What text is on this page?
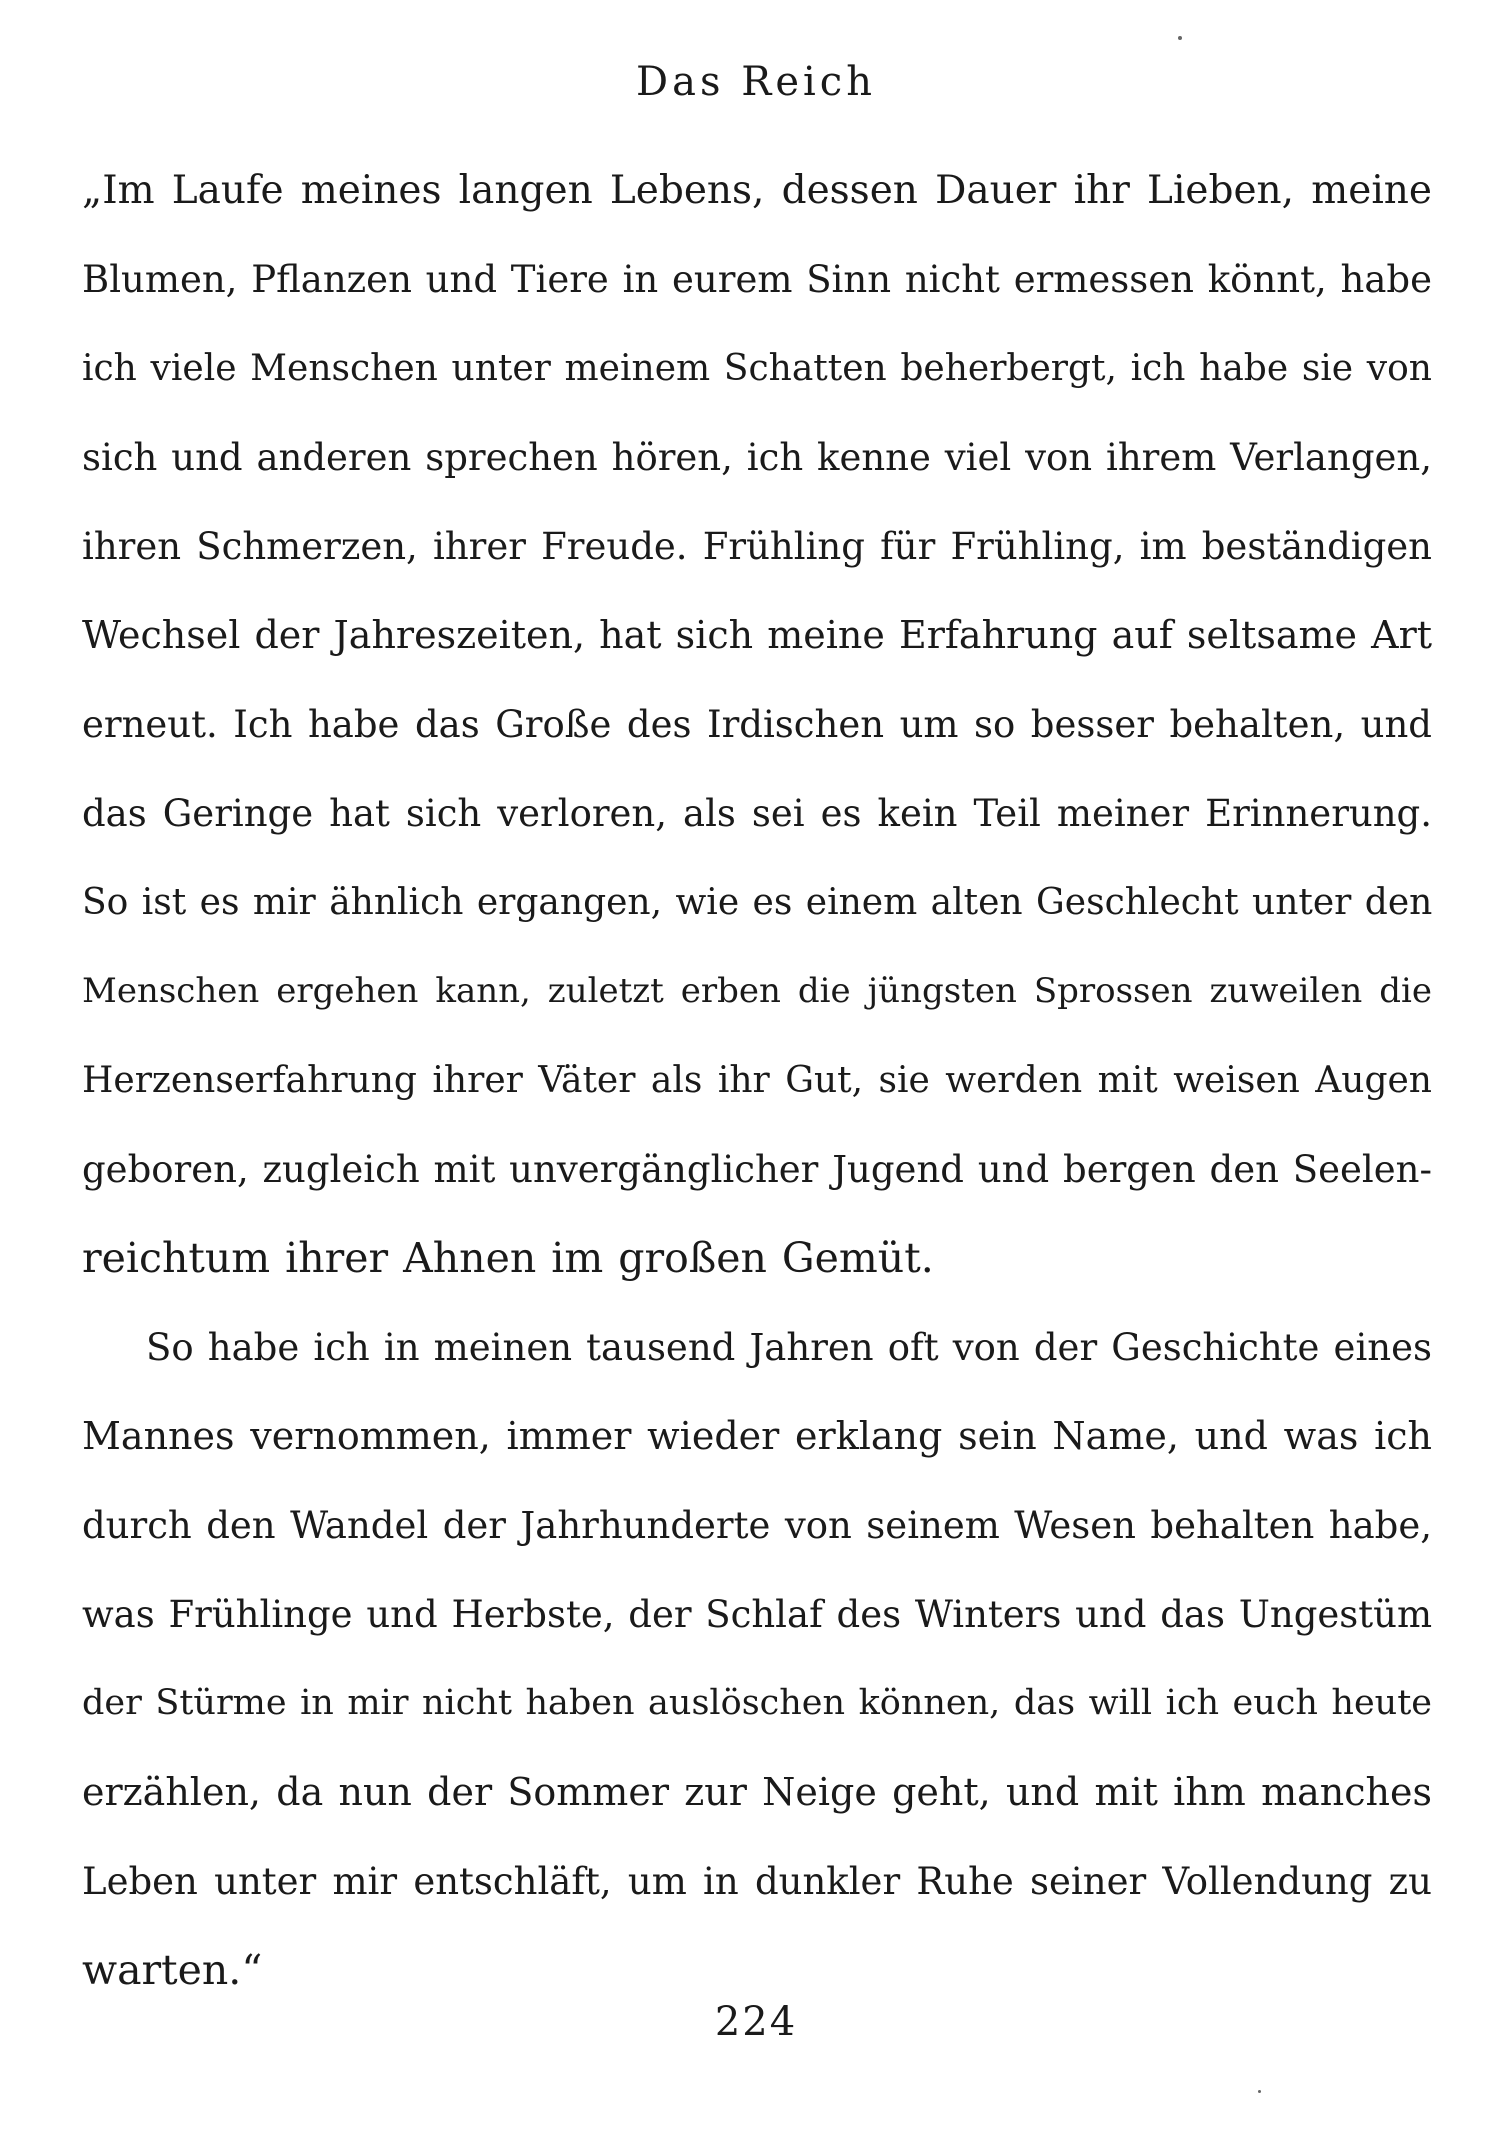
Das Reich
„Im Laufe meines langen Lebens, dessen Dauer ihr Lieben, meine
Blumen, Pflanzen und Tiere in eurem Sinn nicht ermessen könnt, habe
ich viele Menschen unter meinem Schatten beherbergt, ich habe sie von
sich und anderen sprechen hören, ich kenne viel von ihrem Verlangen,
ihren Schmerzen, ihrer Freude. Frühling für Frühling, im beständigen
Wechsel der Jahreszeiten, hat sich meine Erfahrung auf seltsame Art
erneut. Ich habe das Große des Irdischen um so besser behalten, und
das Geringe hat sich verloren, als sei es kein Teil meiner Erinnerung.
So ist es mir ähnlich ergangen, wie es einem alten Geschlecht unter den
Menschen ergehen kann, zuletzt erben die jüngsten Sprossen zuweilen die
Herzenserfahrung ihrer Väter als ihr Gut, sie werden mit weisen Augen
geboren, zugleich mit unvergänglicher Jugend und bergen den Seelen-
reichtum ihrer Ahnen im großen Gemüt.
So habe ich in meinen tausend Jahren oft von der Geschichte eines
Mannes vernommen, immer wieder erklang sein Name, und was ich
durch den Wandel der Jahrhunderte von seinem Wesen behalten habe,
was Frühlinge und Herbste, der Schlaf des Winters und das Ungestüm
der Stürme in mir nicht haben auslöschen können, das will ich euch heute
erzählen, da nun der Sommer zur Neige geht, und mit ihm manches
Leben unter mir entschläft, um in dunkler Ruhe seiner Vollendung zu
warten.“
224
